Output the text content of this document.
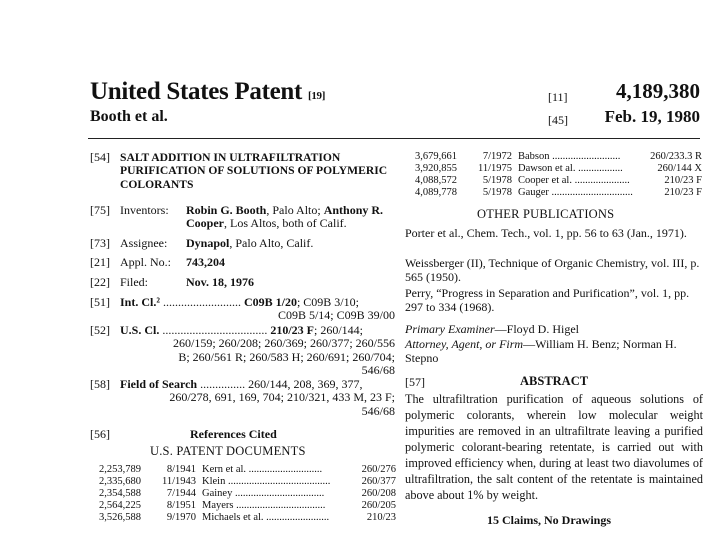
United States Patent [19]
Booth et al.
[11] 4,189,380
[45] Feb. 19, 1980
[54] SALT ADDITION IN ULTRAFILTRATION PURIFICATION OF SOLUTIONS OF POLYMERIC COLORANTS
[75] Inventors:	Robin G. Booth, Palo Alto; Anthony R. Cooper, Los Altos, both of Calif.
[73] Assignee:	Dynapol, Palo Alto, Calif.
[21] Appl. No.:	743,204
[22] Filed:	Nov. 18, 1976
[51] Int. Cl.² .......................... C09B 1/20; C09B 3/10;
C09B 5/14; C09B 39/00
[52] U.S. Cl. ................................... 210/23 F; 260/144;
260/159; 260/208; 260/369; 260/377; 260/556
B; 260/561 R; 260/583 H; 260/691; 260/704;
546/68
[58] Field of Search ............... 260/144, 208, 369, 377,
260/278, 691, 169, 704; 210/321, 433 M, 23 F;
546/68
[56]	References Cited
U.S. PATENT DOCUMENTS
2,253,789	8/1941	Kern et al. ............................	260/276
2,335,680	11/1943	Klein .......................................	260/377
2,354,588	7/1944	Gainey ..................................	260/208
2,564,225	8/1951	Mayers ..................................	260/205
3,526,588	9/1970	Michaels et al. ........................	210/23
3,679,661	7/1972	Babson ..........................	260/233.3 R
3,920,855	11/1975	Dawson et al. .................	260/144 X
4,088,572	5/1978	Cooper et al. .....................	210/23 F
4,089,778	5/1978	Gauger ...............................	210/23 F
OTHER PUBLICATIONS
Porter et al., Chem. Tech., vol. 1, pp. 56 to 63 (Jan., 1971).
Weissberger (II), Technique of Organic Chemistry, vol. III, p. 565 (1950).
Perry, “Progress in Separation and Purification”, vol. 1, pp. 297 to 334 (1968).
Primary Examiner—Floyd D. Higel
Attorney, Agent, or Firm—William H. Benz; Norman H. Stepno
[57]	ABSTRACT
The ultrafiltration purification of aqueous solutions of polymeric colorants, wherein low molecular weight impurities are removed in an ultrafiltrate leaving a purified polymeric colorant-bearing retentate, is carried out with improved efficiency when, during at least two diavolumes of ultrafiltration, the salt content of the retentate is maintained above about 1% by weight.
15 Claims, No Drawings
